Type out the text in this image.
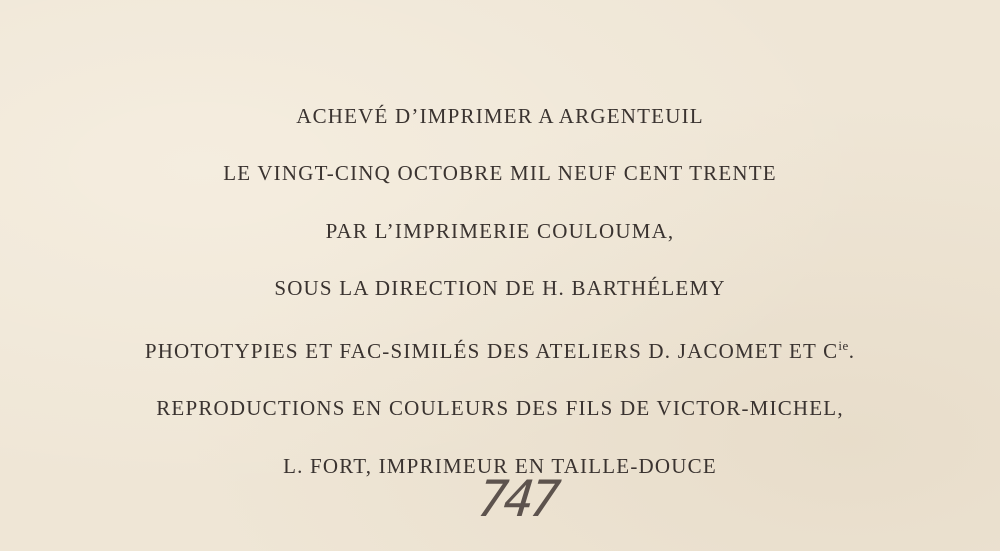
ACHEVÉ D’IMPRIMER A ARGENTEUIL
LE VINGT-CINQ OCTOBRE MIL NEUF CENT TRENTE
PAR L’IMPRIMERIE COULOUMA,
SOUS LA DIRECTION DE H. BARTHÉLEMY
PHOTOTYPIES ET FAC-SIMILÉS DES ATELIERS D. JACOMET ET $C^{ie}$.
REPRODUCTIONS EN COULEURS DES FILS DE VICTOR-MICHEL,
L. FORT, IMPRIMEUR EN TAILLE-DOUCE
747
